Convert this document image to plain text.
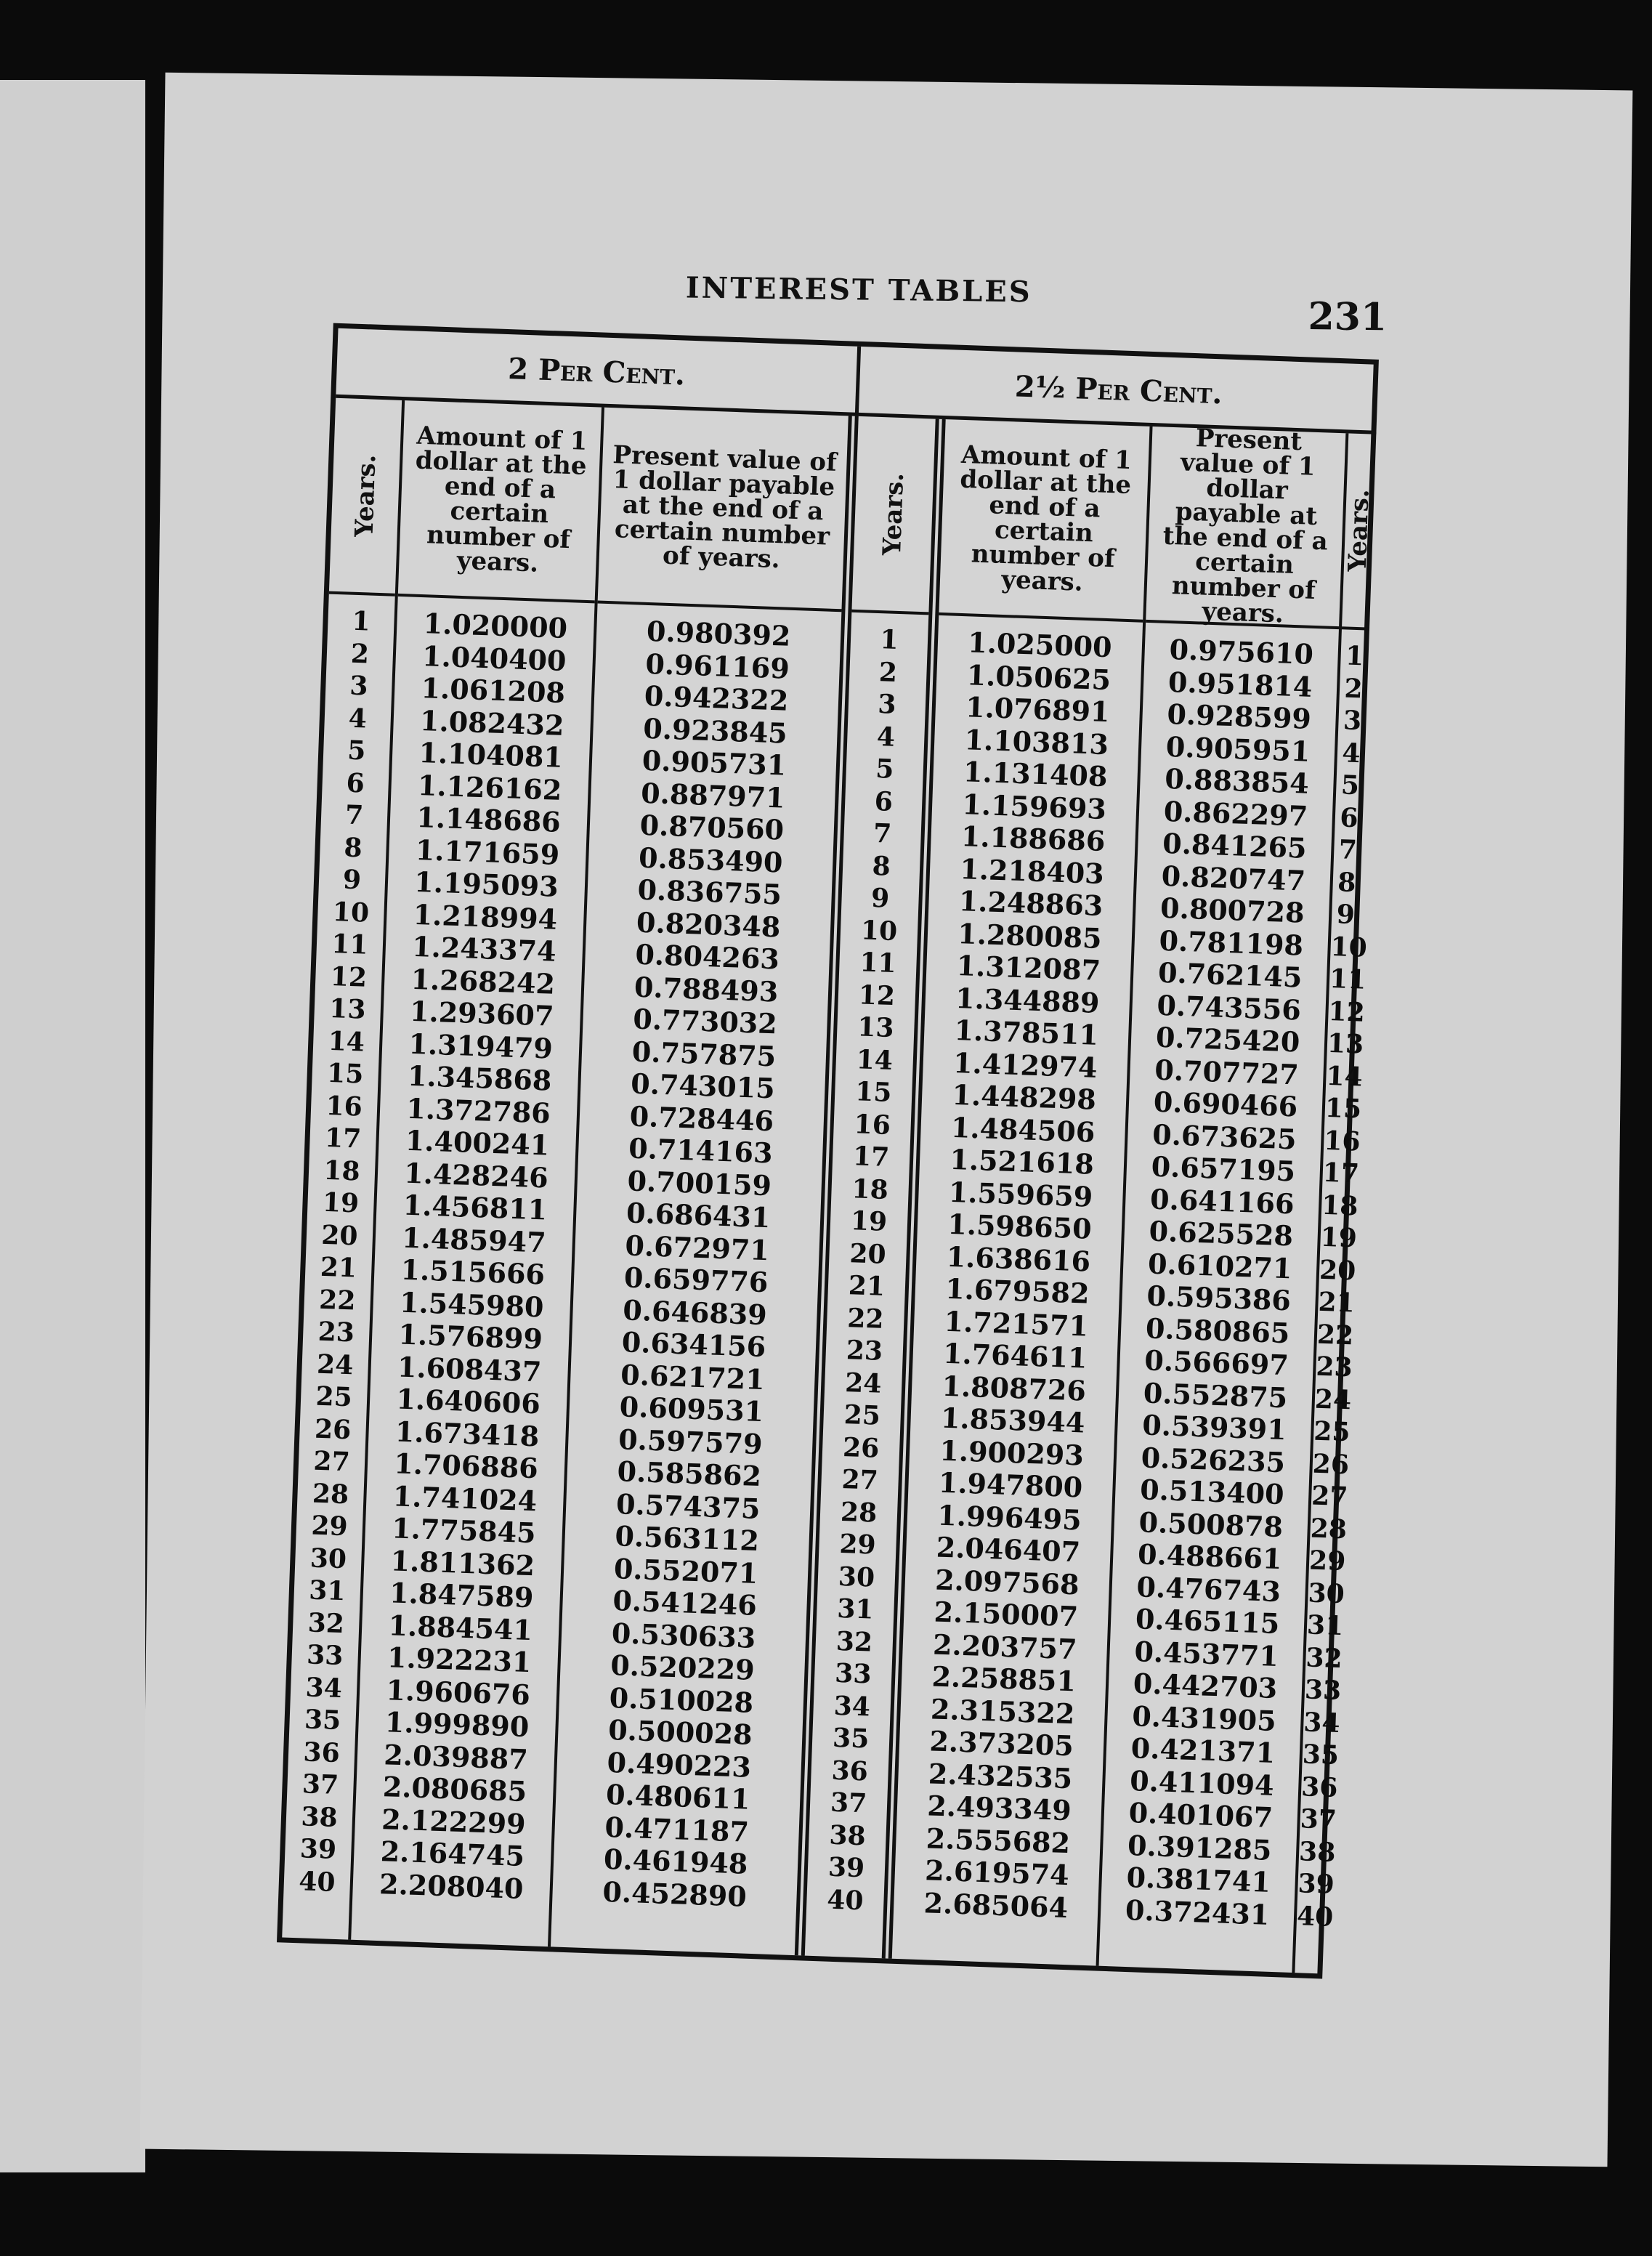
INTEREST TABLES
231
2 Per Cent.	2½ Per Cent.
Years.
1
2
3
4
5
6
7
8
9
10
11
12
13
14
15
16
17
18
19
20
21
22
23
24
25
26
27
28
29
30
31
32
33
34
35
36
37
38
39
40
Amount of 1 dollar at the end of a certain number of years.
1.020000
1.040400
1.061208
1.082432
1.104081
1.126162
1.148686
1.171659
1.195093
1.218994
1.243374
1.268242
1.293607
1.319479
1.345868
1.372786
1.400241
1.428246
1.456811
1.485947
1.515666
1.545980
1.576899
1.608437
1.640606
1.673418
1.706886
1.741024
1.775845
1.811362
1.847589
1.884541
1.922231
1.960676
1.999890
2.039887
2.080685
2.122299
2.164745
2.208040
Present value of 1 dollar payable at the end of a certain number of years.
0.980392
0.961169
0.942322
0.923845
0.905731
0.887971
0.870560
0.853490
0.836755
0.820348
0.804263
0.788493
0.773032
0.757875
0.743015
0.728446
0.714163
0.700159
0.686431
0.672971
0.659776
0.646839
0.634156
0.621721
0.609531
0.597579
0.585862
0.574375
0.563112
0.552071
0.541246
0.530633
0.520229
0.510028
0.500028
0.490223
0.480611
0.471187
0.461948
0.452890
Years.
1
2
3
4
5
6
7
8
9
10
11
12
13
14
15
16
17
18
19
20
21
22
23
24
25
26
27
28
29
30
31
32
33
34
35
36
37
38
39
40
Amount of 1 dollar at the end of a certain number of years.
1.025000
1.050625
1.076891
1.103813
1.131408
1.159693
1.188686
1.218403
1.248863
1.280085
1.312087
1.344889
1.378511
1.412974
1.448298
1.484506
1.521618
1.559659
1.598650
1.638616
1.679582
1.721571
1.764611
1.808726
1.853944
1.900293
1.947800
1.996495
2.046407
2.097568
2.150007
2.203757
2.258851
2.315322
2.373205
2.432535
2.493349
2.555682
2.619574
2.685064
Present value of 1 dollar payable at the end of a certain number of years.
0.975610
0.951814
0.928599
0.905951
0.883854
0.862297
0.841265
0.820747
0.800728
0.781198
0.762145
0.743556
0.725420
0.707727
0.690466
0.673625
0.657195
0.641166
0.625528
0.610271
0.595386
0.580865
0.566697
0.552875
0.539391
0.526235
0.513400
0.500878
0.488661
0.476743
0.465115
0.453771
0.442703
0.431905
0.421371
0.411094
0.401067
0.391285
0.381741
0.372431
Years.
1
2
3
4
5
6
7
8
9
10
11
12
13
14
15
16
17
18
19
20
21
22
23
24
25
26
27
28
29
30
31
32
33
34
35
36
37
38
39
40
